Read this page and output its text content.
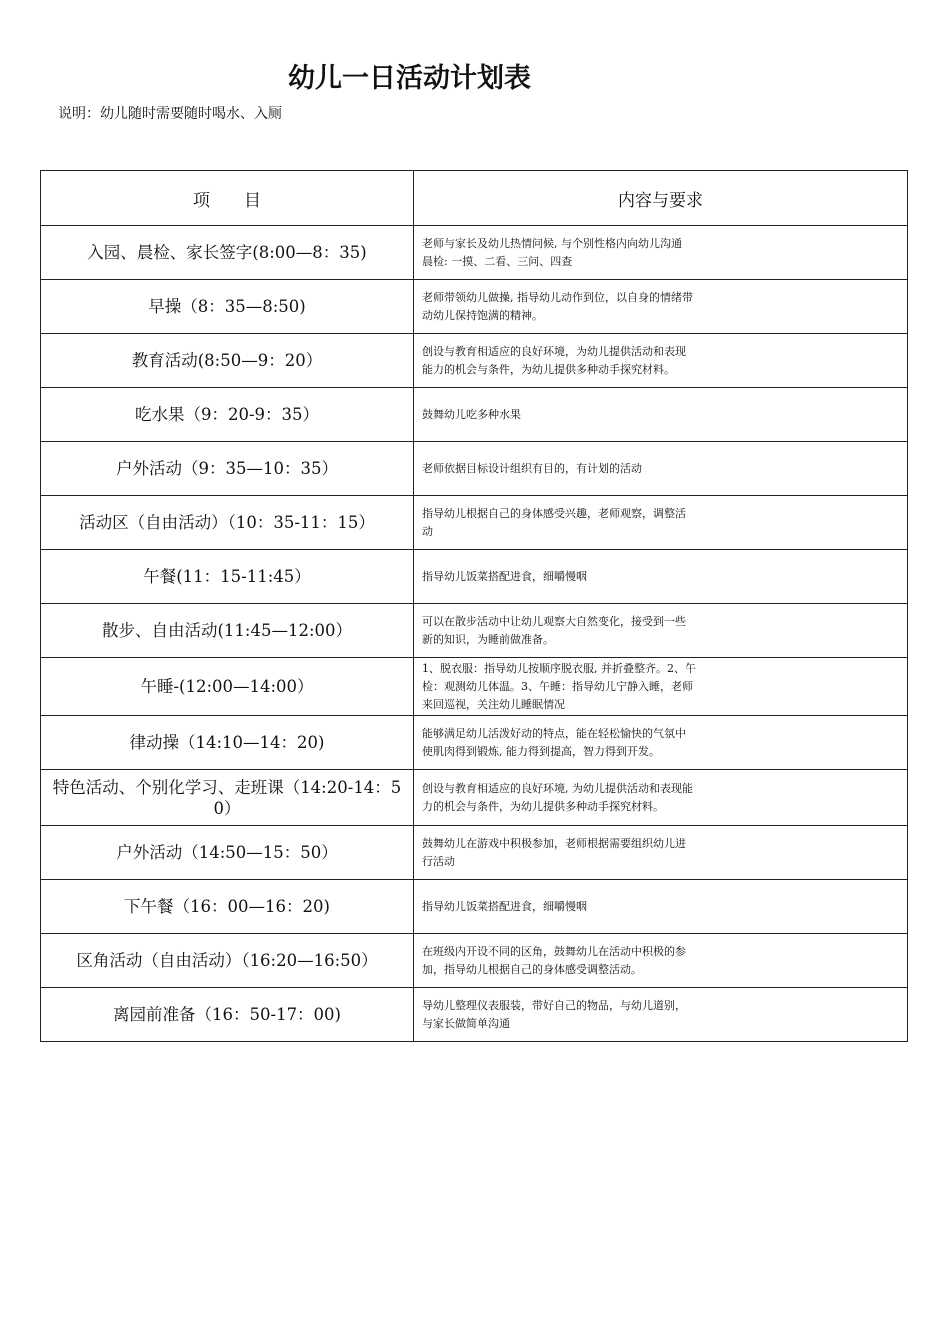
幼儿一日活动计划表
说明：幼儿随时需要随时喝水、入厕
项　　目	内容与要求
入园、晨检、家长签字(8:00—8：35)	老师与家长及幼儿热情问候, 与个别性格内向幼儿沟通
晨检: 一摸、二看、三问、四查

早操（8：35—8:50)	老师带领幼儿做操, 指导幼儿动作到位，以自身的情绪带
动幼儿保持饱满的精神。

教育活动(8:50—9：20）	创设与教育相适应的良好环境，为幼儿提供活动和表现
能力的机会与条件，为幼儿提供多种动手探究材料。

吃水果（9：20-9：35）	鼓舞幼儿吃多种水果

户外活动（9：35—10：35）	老师依据目标设计组织有目的，有计划的活动

活动区（自由活动）（10：35-11：15）	指导幼儿根据自己的身体感受兴趣，老师观察，调整活
动

午餐(11：15-11:45）	指导幼儿饭菜搭配进食，细嚼慢咽

散步、自由活动(11:45—12:00）	可以在散步活动中让幼儿观察大自然变化，接受到一些
新的知识，为睡前做准备。

午睡-(12:00—14:00）	1、脱衣服：指导幼儿按顺序脱衣服, 并折叠整齐。2、午
检：观测幼儿体温。3、午睡：指导幼儿宁静入睡，老师
来回巡视，关注幼儿睡眠情况

律动操（14:10—14：20)	能够满足幼儿活泼好动的特点，能在轻松愉快的气氛中
使肌肉得到锻炼, 能力得到提高，智力得到开发。

特色活动、个别化学习、走班课（14:20-14：50）	创设与教育相适应的良好环境, 为幼儿提供活动和表现能
力的机会与条件，为幼儿提供多种动手探究材料。

户外活动（14:50—15：50）	鼓舞幼儿在游戏中积极参加，老师根据需要组织幼儿进
行活动

下午餐（16：00—16：20)	指导幼儿饭菜搭配进食，细嚼慢咽

区角活动（自由活动）（16:20—16:50）	在班级内开设不同的区角，鼓舞幼儿在活动中积极的参
加，指导幼儿根据自己的身体感受调整活动。

离园前准备（16：50-17：00)	导幼儿整理仪表服装，带好自己的物品，与幼儿道别，
与家长做简单沟通
